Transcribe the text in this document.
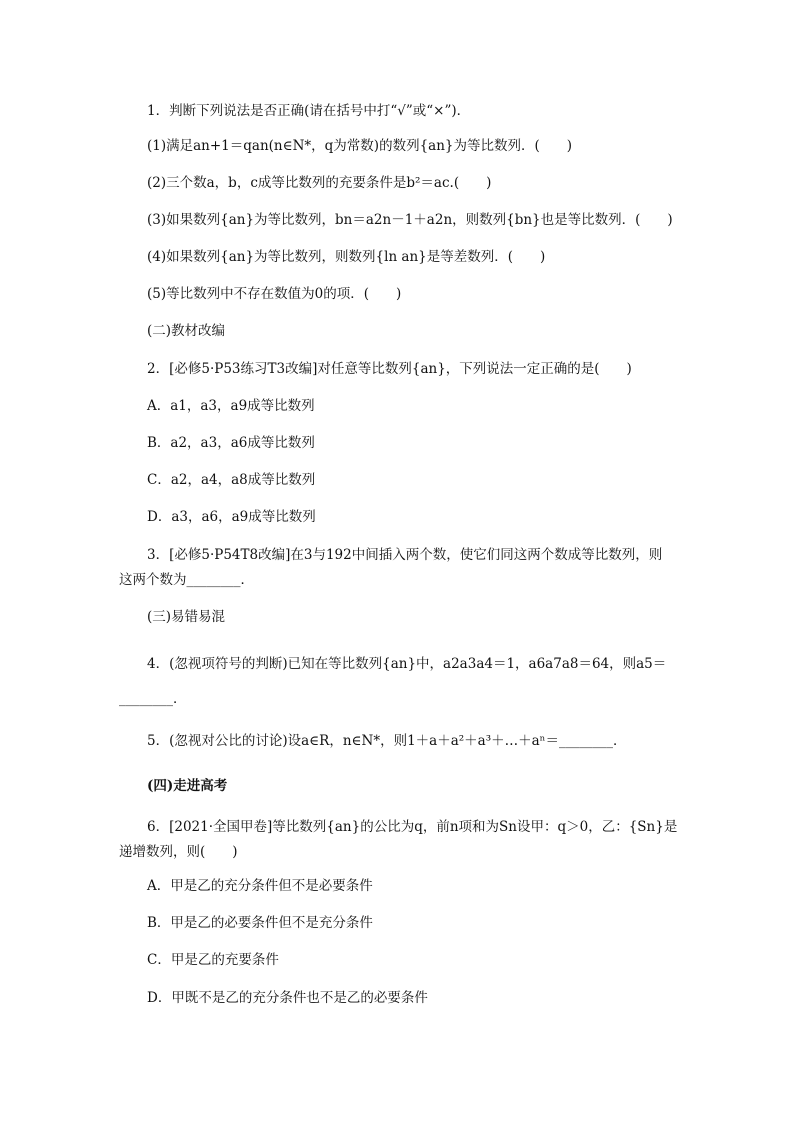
1．判断下列说法是否正确(请在括号中打“√”或“×”)．
(1)满足an+1＝qan(n∈N*，q为常数)的数列{an}为等比数列．(　　)
(2)三个数a，b，c成等比数列的充要条件是b²＝ac.(　　)
(3)如果数列{an}为等比数列，bn＝a2n－1＋a2n，则数列{bn}也是等比数列．(　　)
(4)如果数列{an}为等比数列，则数列{ln an}是等差数列．(　　)
(5)等比数列中不存在数值为0的项．(　　)
(二)教材改编
2．[必修5·P53练习T3改编]对任意等比数列{an}，下列说法一定正确的是(　　)
A．a1，a3，a9成等比数列
B．a2，a3，a6成等比数列
C．a2，a4，a8成等比数列
D．a3，a6，a9成等比数列
3．[必修5·P54T8改编]在3与192中间插入两个数，使它们同这两个数成等比数列，则
这两个数为________．
(三)易错易混
4．(忽视项符号的判断)已知在等比数列{an}中，a2a3a4＝1，a6a7a8＝64，则a5＝
________．
5．(忽视对公比的讨论)设a∈R，n∈N*，则1＋a＋a²＋a³＋…＋aⁿ＝________．
(四)走进高考
6．[2021·全国甲卷]等比数列{an}的公比为q，前n项和为Sn设甲：q＞0，乙：{Sn}是
递增数列，则(　　)
A．甲是乙的充分条件但不是必要条件
B．甲是乙的必要条件但不是充分条件
C．甲是乙的充要条件
D．甲既不是乙的充分条件也不是乙的必要条件
